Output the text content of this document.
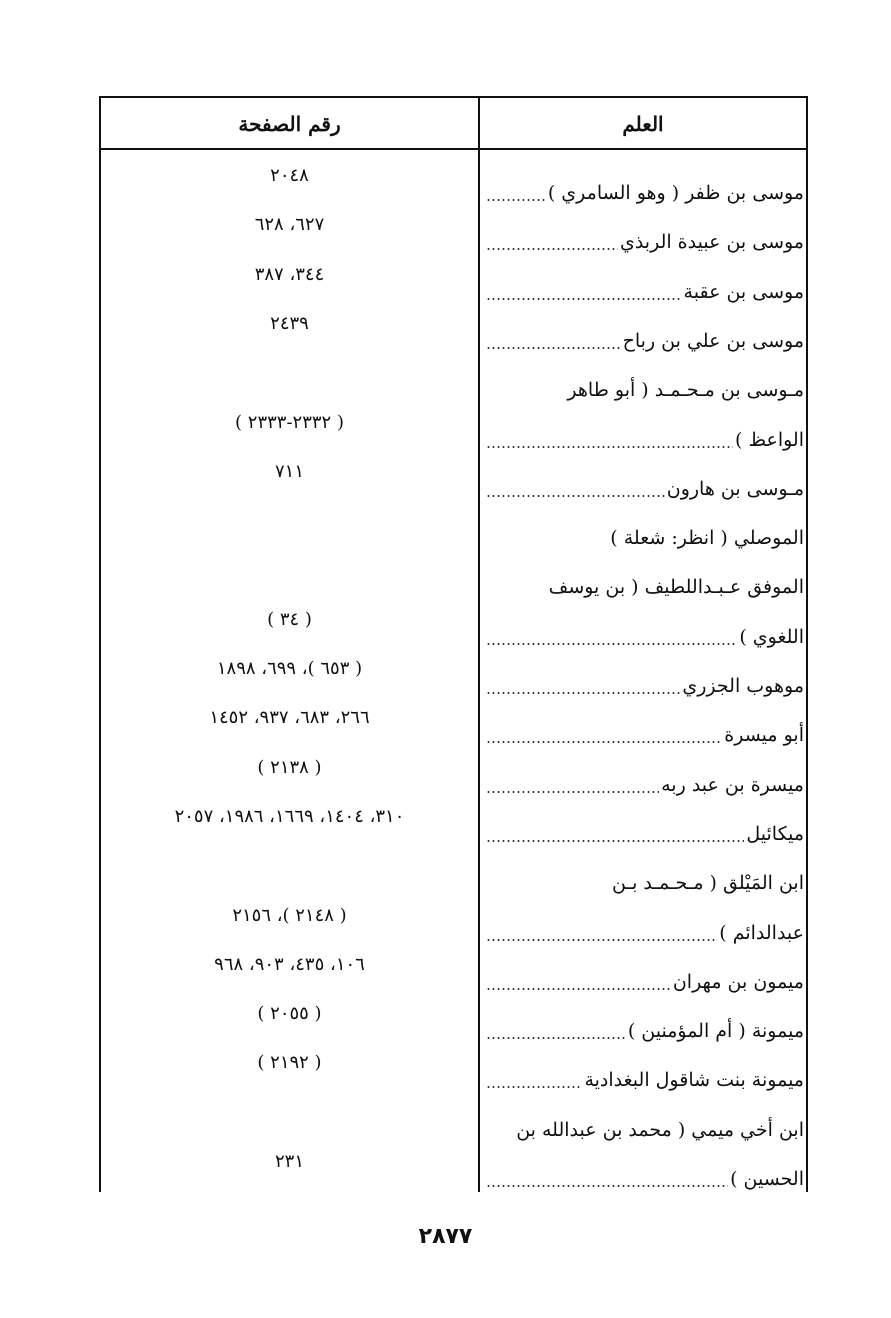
العلم
رقم الصفحة
موسى بن ظفر ( وهو السامري )
٢٠٤٨
موسى بن عبيدة الربذي
٦٢٧، ٦٢٨
موسى بن عقبة
٣٤٤، ٣٨٧
موسى بن علي بن رباح
٢٤٣٩
مـوسى بن مـحـمـد ( أبو طاهر
الواعظ )
( ٢٣٣٢-٢٣٣٣ )
مـوسى بن هارون
٧١١
الموصلي ( انظر: شعلة )
الموفق عـبـداللطيف ( بن يوسف
اللغوي )
( ٣٤ )
موهوب الجزري
( ٦٥٣ )، ٦٩٩، ١٨٩٨
أبو ميسرة
٢٦٦، ٦٨٣، ٩٣٧، ١٤٥٢
ميسرة بن عبد ربه
( ٢١٣٨ )
ميكائيل
٣١٠، ١٤٠٤، ١٦٦٩، ١٩٨٦، ٢٠٥٧
ابن المَيْلق ( مـحـمـد بـن
عبدالدائم )
( ٢١٤٨ )، ٢١٥٦
ميمون بن مهران
١٠٦، ٤٣٥، ٩٠٣، ٩٦٨
ميمونة ( أم المؤمنين )
( ٢٠٥٥ )
ميمونة بنت شاقول البغدادية
( ٢١٩٢ )
ابن أخي ميمي ( محمد بن عبدالله بن
الحسين )
٢٣١
٢٨٧٧
